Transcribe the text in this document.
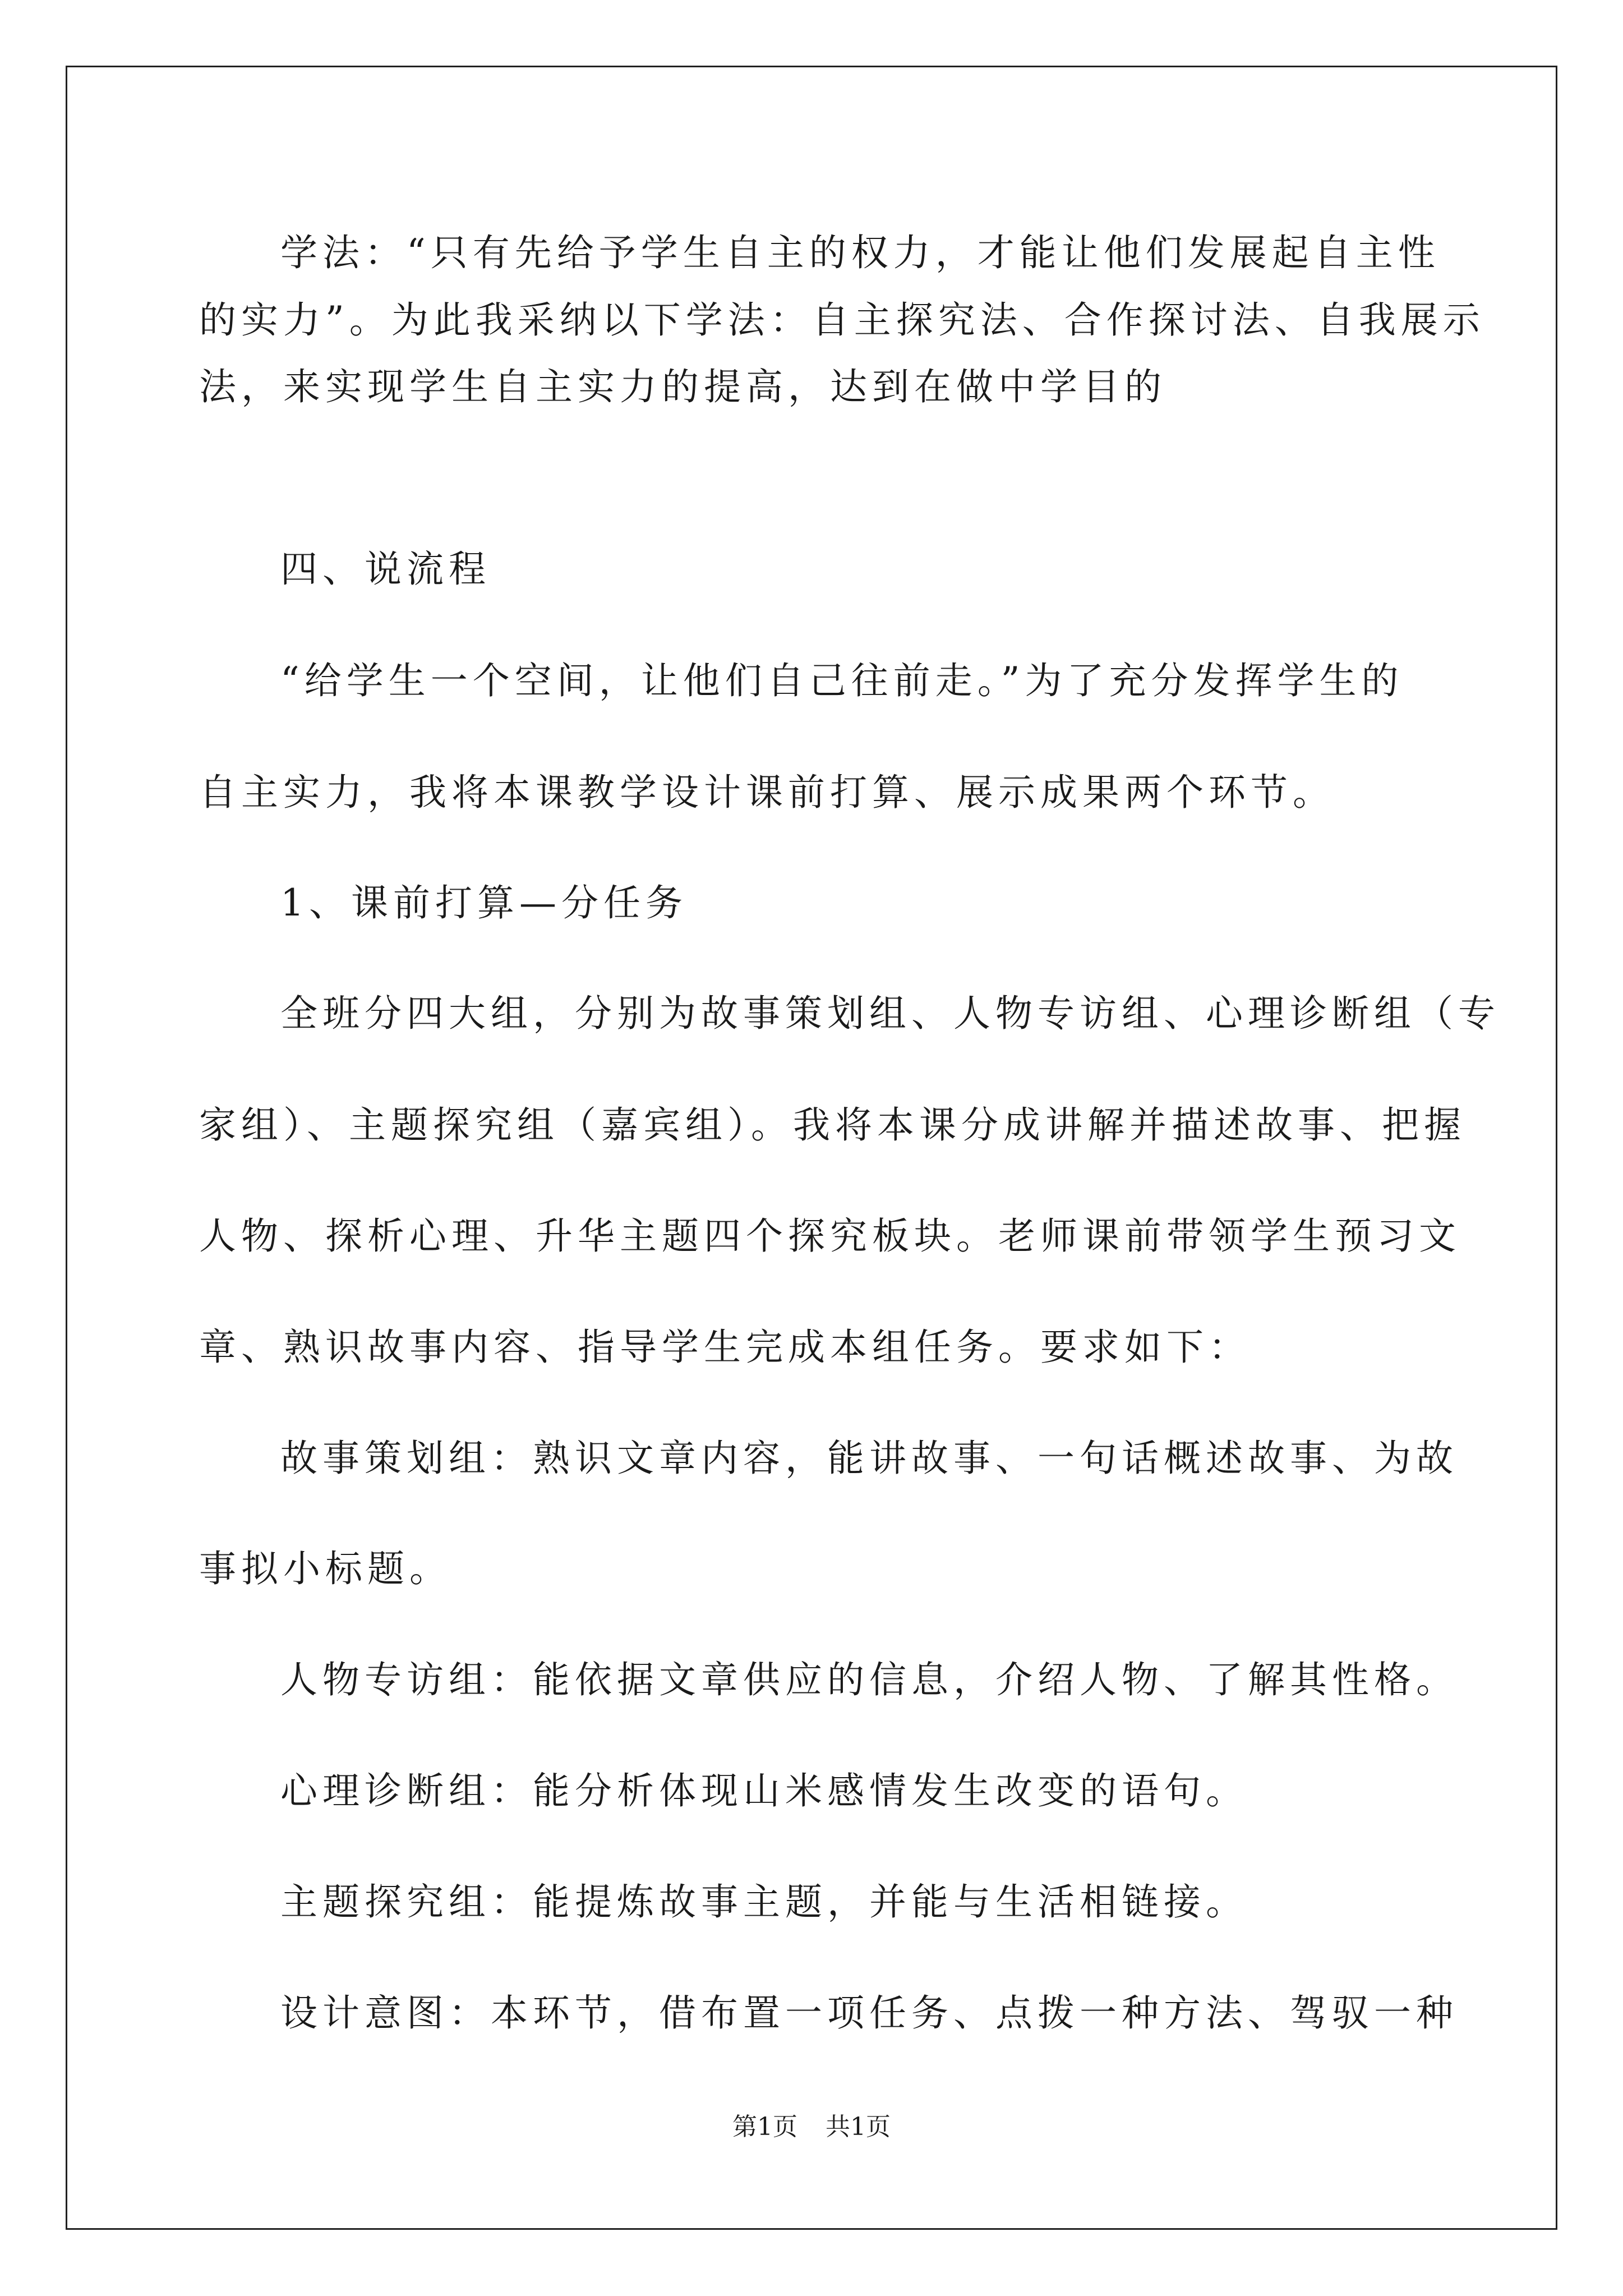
学法：“只有先给予学生自主的权力，才能让他们发展起自主性
的实力”。为此我采纳以下学法：自主探究法、合作探讨法、自我展示
法，来实现学生自主实力的提高，达到在做中学目的
四、说流程
“给学生一个空间，让他们自己往前走。”为了充分发挥学生的
自主实力，我将本课教学设计课前打算、展示成果两个环节。
1、课前打算—分任务
全班分四大组，分别为故事策划组、人物专访组、心理诊断组（专
家组）、主题探究组（嘉宾组）。我将本课分成讲解并描述故事、把握
人物、探析心理、升华主题四个探究板块。老师课前带领学生预习文
章、熟识故事内容、指导学生完成本组任务。要求如下：
故事策划组：熟识文章内容，能讲故事、一句话概述故事、为故
事拟小标题。
人物专访组：能依据文章供应的信息，介绍人物、了解其性格。
心理诊断组：能分析体现山米感情发生改变的语句。
主题探究组：能提炼故事主题，并能与生活相链接。
设计意图：本环节，借布置一项任务、点拨一种方法、驾驭一种
第1页 共1页
